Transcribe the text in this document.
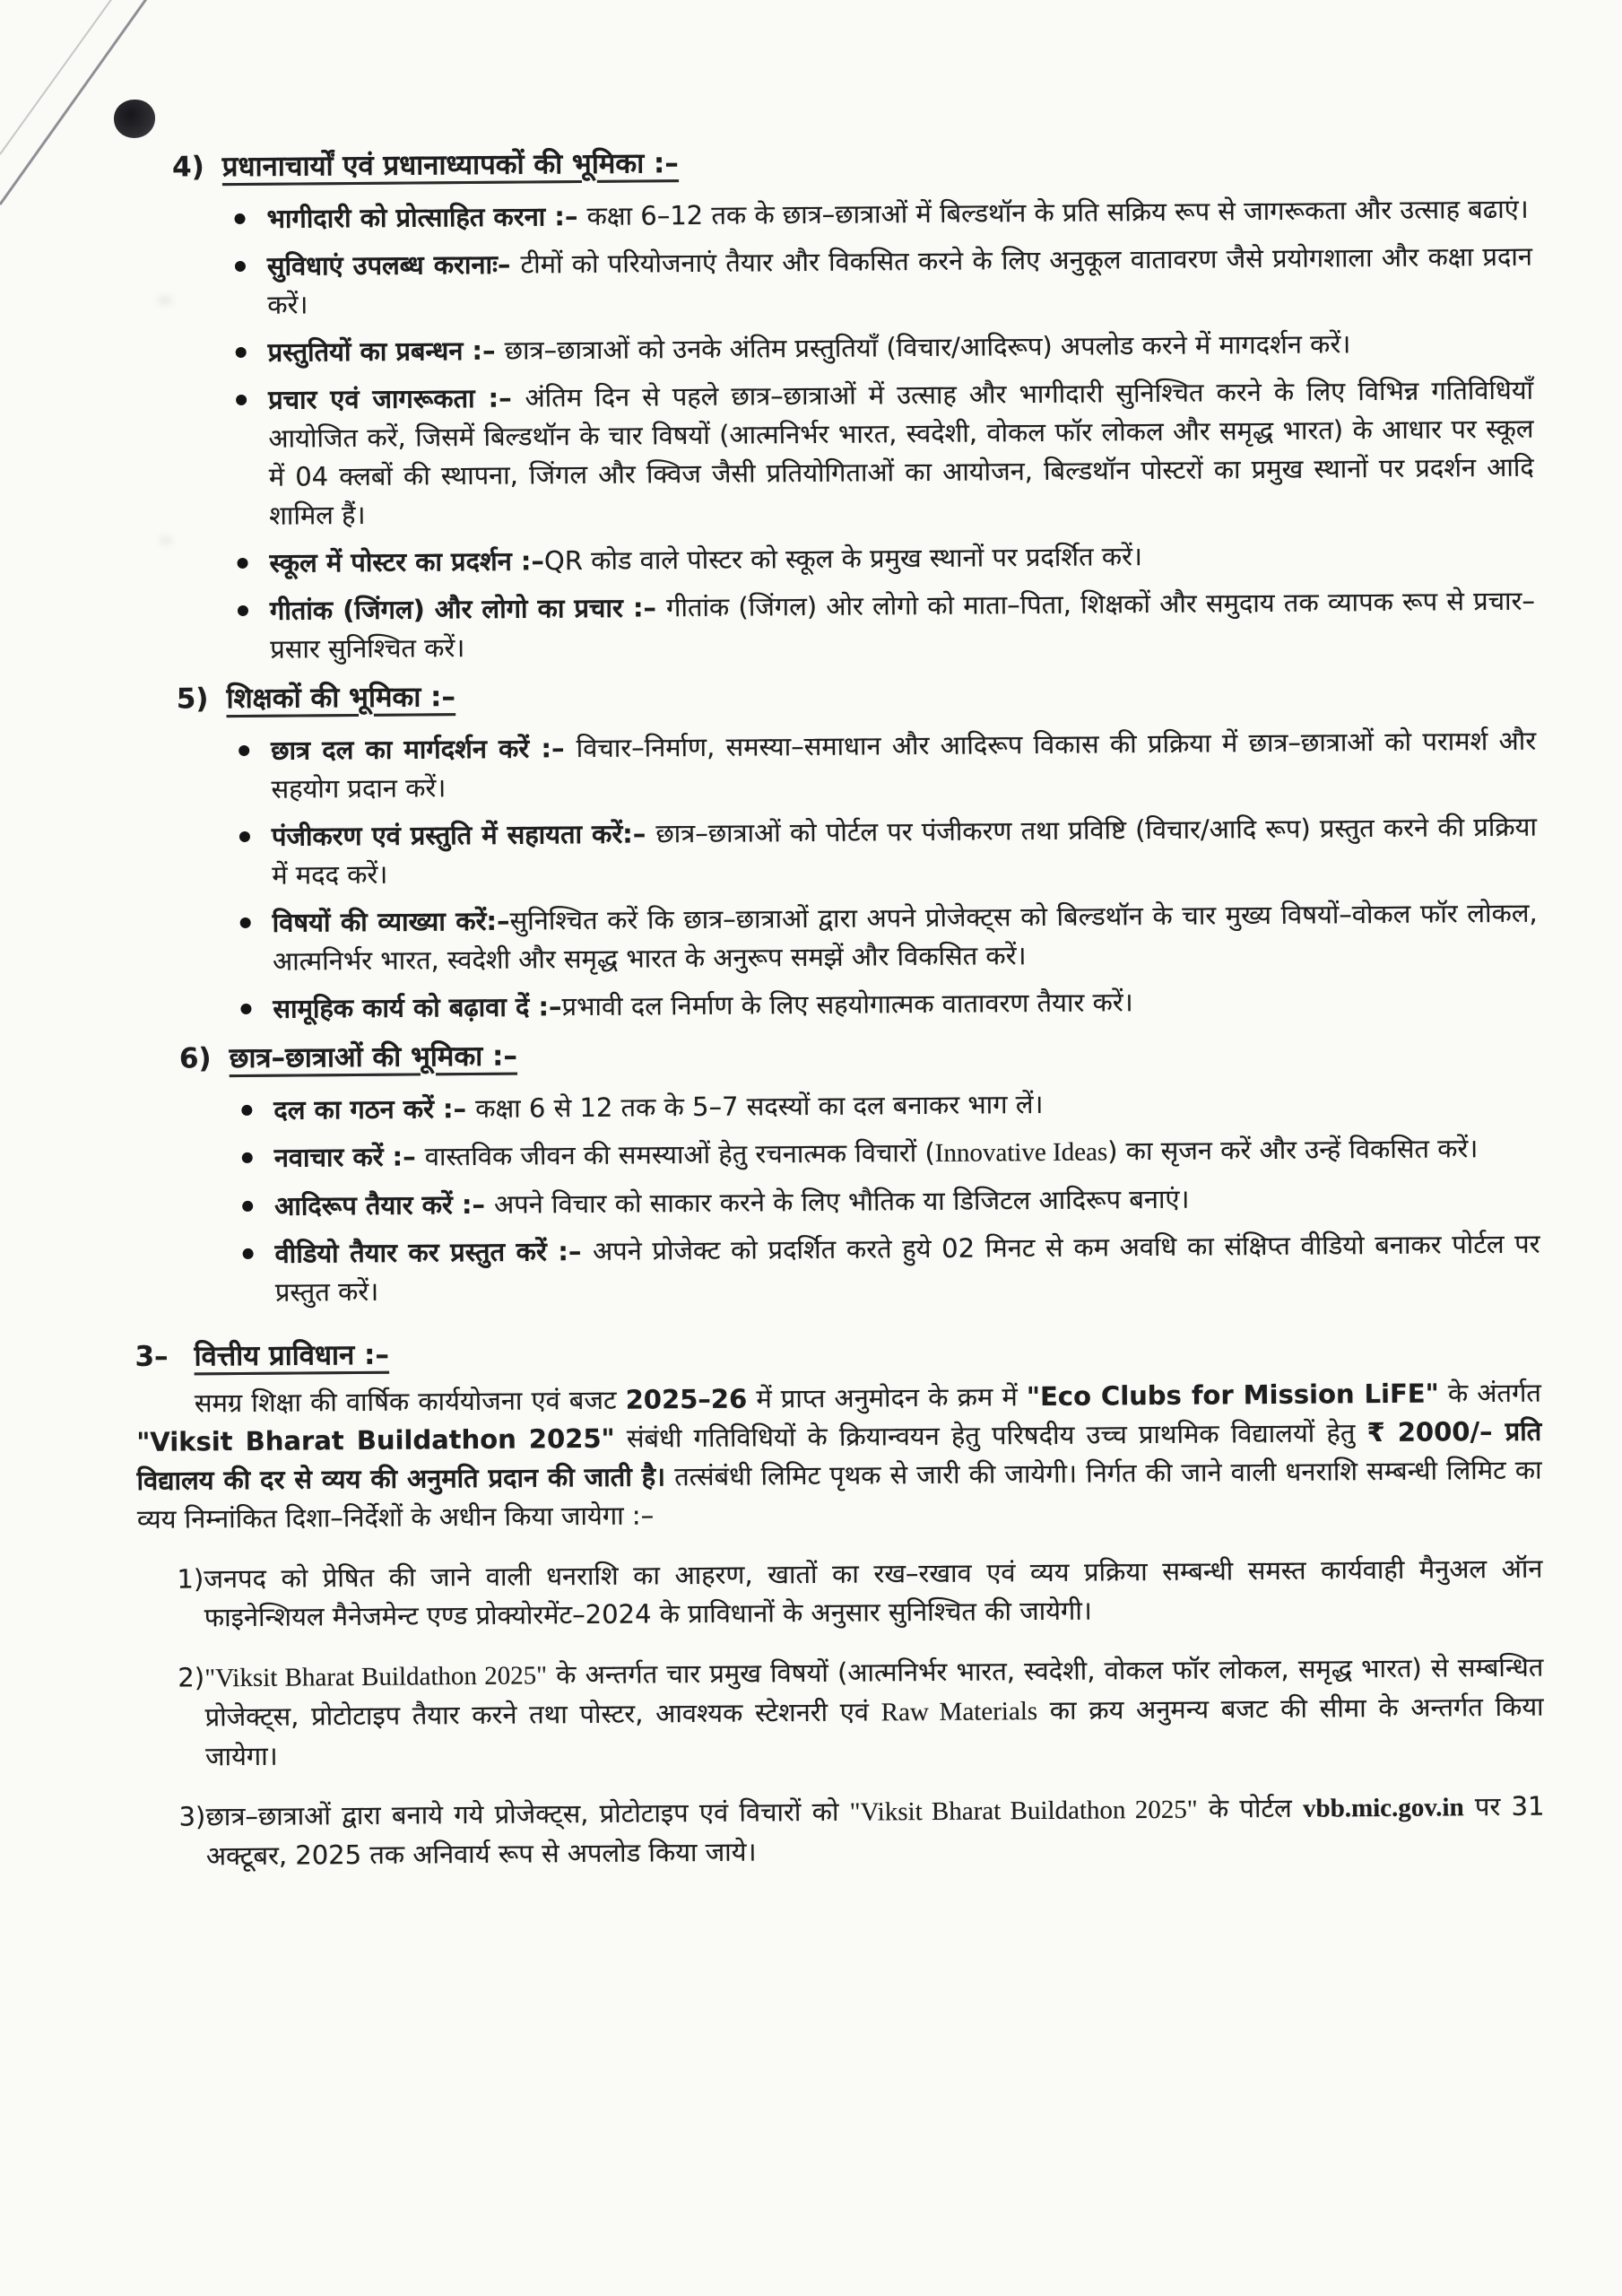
4) प्रधानाचार्यों एवं प्रधानाध्यापकों की भूमिका :–
भागीदारी को प्रोत्साहित करना :– कक्षा 6–12 तक के छात्र–छात्राओं में बिल्डथॉन के प्रति सक्रिय रूप से जागरूकता और उत्साह बढाएं।
सुविधाएं उपलब्ध करानाः– टीमों को परियोजनाएं तैयार और विकसित करने के लिए अनुकूल वातावरण जैसे प्रयोगशाला और कक्षा प्रदान करें।
प्रस्तुतियों का प्रबन्धन :– छात्र–छात्राओं को उनके अंतिम प्रस्तुतियाँ (विचार/आदिरूप) अपलोड करने में मागदर्शन करें।
प्रचार एवं जागरूकता :– अंतिम दिन से पहले छात्र–छात्राओं में उत्साह और भागीदारी सुनिश्चित करने के लिए विभिन्न गतिविधियाँ आयोजित करें, जिसमें बिल्डथॉन के चार विषयों (आत्मनिर्भर भारत, स्वदेशी, वोकल फॉर लोकल और समृद्ध भारत) के आधार पर स्कूल में 04 क्लबों की स्थापना, जिंगल और क्विज जैसी प्रतियोगिताओं का आयोजन, बिल्डथॉन पोस्टरों का प्रमुख स्थानों पर प्रदर्शन आदि शामिल हैं।
स्कूल में पोस्टर का प्रदर्शन :–QR कोड वाले पोस्टर को स्कूल के प्रमुख स्थानों पर प्रदर्शित करें।
गीतांक (जिंगल) और लोगो का प्रचार :– गीतांक (जिंगल) ओर लोगो को माता–पिता, शिक्षकों और समुदाय तक व्यापक रूप से प्रचार–प्रसार सुनिश्चित करें।
5) शिक्षकों की भूमिका :–
छात्र दल का मार्गदर्शन करें :– विचार–निर्माण, समस्या–समाधान और आदिरूप विकास की प्रक्रिया में छात्र–छात्राओं को परामर्श और सहयोग प्रदान करें।
पंजीकरण एवं प्रस्तुति में सहायता करें:– छात्र–छात्राओं को पोर्टल पर पंजीकरण तथा प्रविष्टि (विचार/आदि रूप) प्रस्तुत करने की प्रक्रिया में मदद करें।
विषयों की व्याख्या करें:–सुनिश्चित करें कि छात्र–छात्राओं द्वारा अपने प्रोजेक्ट्स को बिल्डथॉन के चार मुख्य विषयों–वोकल फॉर लोकल, आत्मनिर्भर भारत, स्वदेशी और समृद्ध भारत के अनुरूप समझें और विकसित करें।
सामूहिक कार्य को बढ़ावा दें :–प्रभावी दल निर्माण के लिए सहयोगात्मक वातावरण तैयार करें।
6) छात्र–छात्राओं की भूमिका :–
दल का गठन करें :– कक्षा 6 से 12 तक के 5–7 सदस्यों का दल बनाकर भाग लें।
नवाचार करें :– वास्तविक जीवन की समस्याओं हेतु रचनात्मक विचारों (Innovative Ideas) का सृजन करें और उन्हें विकसित करें।
आदिरूप तैयार करें :– अपने विचार को साकार करने के लिए भौतिक या डिजिटल आदिरूप बनाएं।
वीडियो तैयार कर प्रस्तुत करें :– अपने प्रोजेक्ट को प्रदर्शित करते हुये 02 मिनट से कम अवधि का संक्षिप्त वीडियो बनाकर पोर्टल पर प्रस्तुत करें।
3– वित्तीय प्राविधान :–
समग्र शिक्षा की वार्षिक कार्ययोजना एवं बजट 2025–26 में प्राप्त अनुमोदन के क्रम में "Eco Clubs for Mission LiFE" के अंतर्गत "Viksit Bharat Buildathon 2025" संबंधी गतिविधियों के क्रियान्वयन हेतु परिषदीय उच्च प्राथमिक विद्यालयों हेतु ₹ 2000/– प्रति विद्यालय की दर से व्यय की अनुमति प्रदान की जाती है। तत्संबंधी लिमिट पृथक से जारी की जायेगी। निर्गत की जाने वाली धनराशि सम्बन्धी लिमिट का व्यय निम्नांकित दिशा–निर्देशों के अधीन किया जायेगा :–
1) जनपद को प्रेषित की जाने वाली धनराशि का आहरण, खातों का रख–रखाव एवं व्यय प्रक्रिया सम्बन्धी समस्त कार्यवाही मैनुअल ऑन फाइनेन्शियल मैनेजमेन्ट एण्ड प्रोक्योरमेंट–2024 के प्राविधानों के अनुसार सुनिश्चित की जायेगी।
2) "Viksit Bharat Buildathon 2025" के अन्तर्गत चार प्रमुख विषयों (आत्मनिर्भर भारत, स्वदेशी, वोकल फॉर लोकल, समृद्ध भारत) से सम्बन्धित प्रोजेक्ट्स, प्रोटोटाइप तैयार करने तथा पोस्टर, आवश्यक स्टेशनरी एवं Raw Materials का क्रय अनुमन्य बजट की सीमा के अन्तर्गत किया जायेगा।
3) छात्र–छात्राओं द्वारा बनाये गये प्रोजेक्ट्स, प्रोटोटाइप एवं विचारों को "Viksit Bharat Buildathon 2025" के पोर्टल vbb.mic.gov.in पर 31 अक्टूबर, 2025 तक अनिवार्य रूप से अपलोड किया जाये।
